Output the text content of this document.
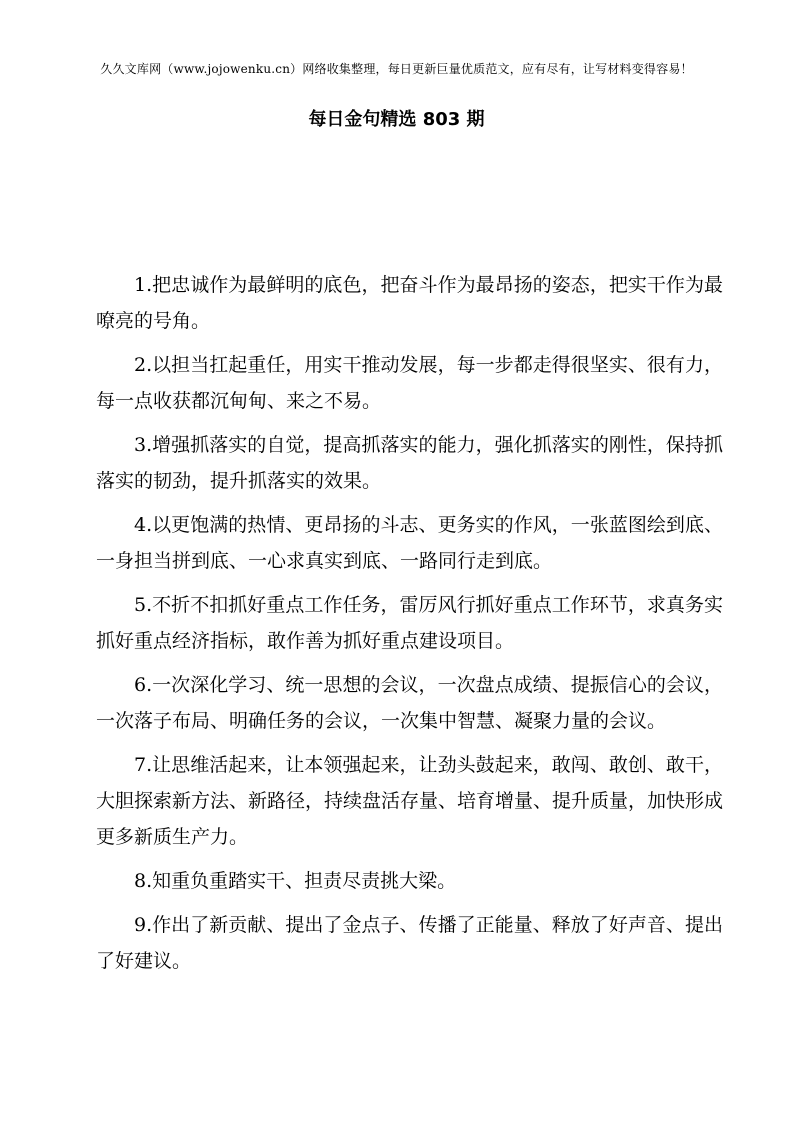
久久文库网（www.jojowenku.cn）网络收集整理，每日更新巨量优质范文，应有尽有，让写材料变得容易！
每日金句精选 803 期

1.把忠诚作为最鲜明的底色，把奋斗作为最昂扬的姿态，把实干作为最嘹亮的号角。

2.以担当扛起重任，用实干推动发展，每一步都走得很坚实、很有力，每一点收获都沉甸甸、来之不易。

3.增强抓落实的自觉，提高抓落实的能力，强化抓落实的刚性，保持抓落实的韧劲，提升抓落实的效果。

4.以更饱满的热情、更昂扬的斗志、更务实的作风，一张蓝图绘到底、一身担当拼到底、一心求真实到底、一路同行走到底。

5.不折不扣抓好重点工作任务，雷厉风行抓好重点工作环节，求真务实抓好重点经济指标，敢作善为抓好重点建设项目。

6.一次深化学习、统一思想的会议，一次盘点成绩、提振信心的会议，一次落子布局、明确任务的会议，一次集中智慧、凝聚力量的会议。

7.让思维活起来，让本领强起来，让劲头鼓起来，敢闯、敢创、敢干，大胆探索新方法、新路径，持续盘活存量、培育增量、提升质量，加快形成更多新质生产力。

8.知重负重踏实干、担责尽责挑大梁。

9.作出了新贡献、提出了金点子、传播了正能量、释放了好声音、提出了好建议。
